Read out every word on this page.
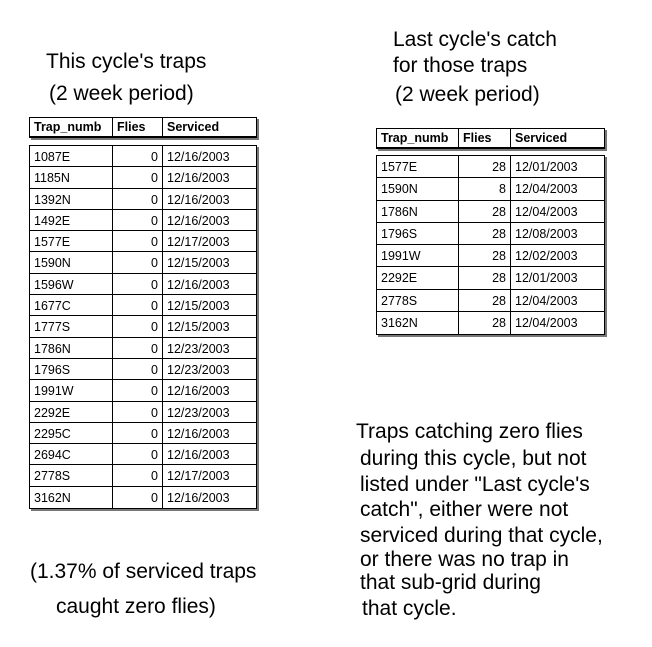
This cycle's traps
(2 week period)
Last cycle's catch
for those traps
(2 week period)
Trap_numb	Flies	Serviced
1087E	0 12/16/2003
1185N	0 12/16/2003
1392N	0 12/16/2003
1492E	0 12/16/2003
1577E	0 12/17/2003
1590N	0 12/15/2003
1596W	0 12/16/2003
1677C	0 12/15/2003
1777S	0 12/15/2003
1786N	0 12/23/2003
1796S	0 12/23/2003
1991W	0 12/16/2003
2292E	0 12/23/2003
2295C	0 12/16/2003
2694C	0 12/16/2003
2778S	0 12/17/2003
3162N	0 12/16/2003
Trap_numb	Flies	Serviced
1577E	28 12/01/2003
1590N	8 12/04/2003
1786N	28 12/04/2003
1796S	28 12/08/2003
1991W	28 12/02/2003
2292E	28 12/01/2003
2778S	28 12/04/2003
3162N	28 12/04/2003
(1.37% of serviced traps
caught zero flies)
Traps catching zero flies
during this cycle, but not
listed under "Last cycle's
catch", either were not
serviced during that cycle,
or there was no trap in
that sub-grid during
that cycle.
